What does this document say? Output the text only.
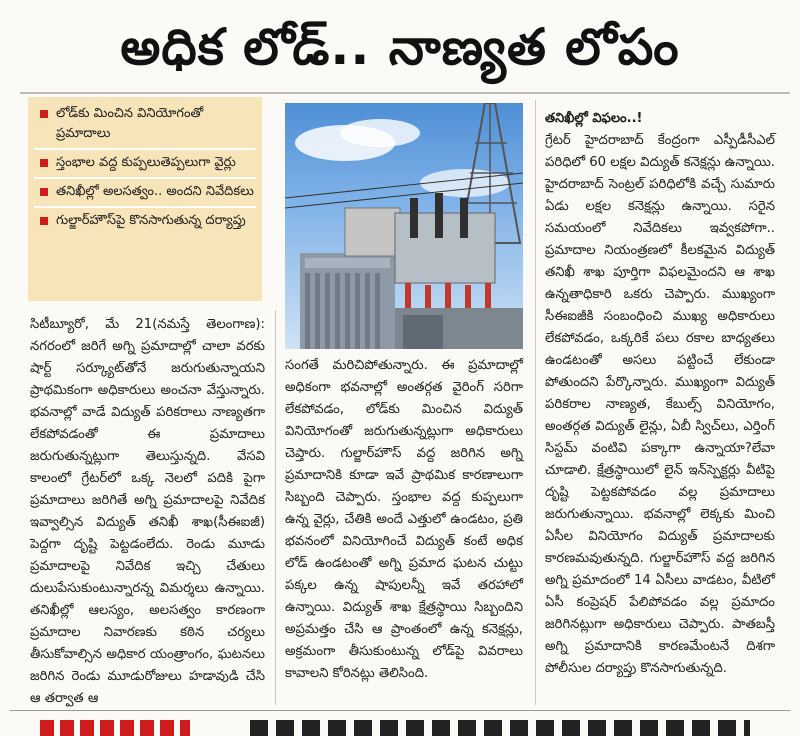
అధిక లోడ్.. నాణ్యత లోపం
లోడ్‌కు మించిన వినియోగంతో ప్రమాదాలు
స్తంభాల వద్ద కుప్పలుతెప్పలుగా వైర్లు
తనిఖీల్లో అలసత్వం.. అందని నివేదికలు
గుల్జార్‌హౌస్‌పై కొనసాగుతున్న దర్యాప్తు

సిటీబ్యూరో, మే 21(నమస్తే తెలంగాణ): నగరంలో జరిగే అగ్ని ప్రమాదాల్లో చాలా వరకు షార్ట్ సర్క్యూట్‌తోనే జరుగుతున్నాయని ప్రాథమికంగా అధికారులు అంచనా వేస్తున్నారు. భవనాల్లో వాడే విద్యుత్ పరికరాలు నాణ్యతగా లేకపోవడంతో ఈ ప్రమాదాలు జరుగుతున్నట్లుగా తెలుస్తున్నది. వేసవి కాలంలో గ్రేటర్‌లో ఒక్క నెలలో పదికి పైగా ప్రమాదాలు జరిగితే అగ్ని ప్రమాదాలపై నివేదిక ఇవ్వాల్సిన విద్యుత్ తనిఖీ శాఖ(సీఈఐజీ) పెద్దగా దృష్టి పెట్టడంలేదు. రెండు మూడు ప్రమాదాలపై నివేదిక ఇచ్చి చేతులు దులుపేసుకుంటున్నారన్న విమర్శలు ఉన్నాయి. తనిఖీల్లో ఆలస్యం, అలసత్వం కారణంగా ప్రమాదాల నివారణకు కఠిన చర్యలు తీసుకోవాల్సిన అధికార యంత్రాంగం, ఘటనలు జరిగిన రెండు మూడురోజులు హడావుడి చేసి ఆ తర్వాత ఆ

సంగతే మరిచిపోతున్నారు. ఈ ప్రమాదాల్లో అధికంగా భవనాల్లో అంతర్గత వైరింగ్ సరిగా లేకపోవడం, లోడ్‌కు మించిన విద్యుత్ వినియోగంతో జరుగుతున్నట్లుగా అధికారులు చెప్తారు. గుల్జార్‌హౌస్ వద్ద జరిగిన అగ్ని ప్రమాదానికి కూడా ఇవే ప్రాథమిక కారణాలుగా సిబ్బంది చెప్పారు. స్తంభాల వద్ద కుప్పలుగా ఉన్న వైర్లు, చేతికి అందే ఎత్తులో ఉండటం, ప్రతి భవనంలో వినియోగించే విద్యుత్ కంటే అధిక లోడ్ ఉండటంతో అగ్ని ప్రమాద ఘటన చుట్టు పక్కల ఉన్న షాపులన్నీ ఇవే తరహాలో ఉన్నాయి. విద్యుత్ శాఖ క్షేత్రస్థాయి సిబ్బందిని అప్రమత్తం చేసి ఆ ప్రాంతంలో ఉన్న కనెక్షన్లు, అక్రమంగా తీసుకుంటున్న లోడ్‌పై వివరాలు కావాలని కోరినట్లు తెలిసింది.

తనిఖీల్లో విఫలం..!

గ్రేటర్ హైదరాబాద్ కేంద్రంగా ఎస్పీడీసీఎల్ పరిధిలో 60 లక్షల విద్యుత్ కనెక్షన్లు ఉన్నాయి. హైదరాబాద్ సెంట్రల్ పరిధిలోకి వచ్చే సుమారు ఏడు లక్షల కనెక్షన్లు ఉన్నాయి. సరైన సమయంలో నివేదికలు ఇవ్వకపోగా.. ప్రమాదాల నియంత్రణలో కీలకమైన విద్యుత్ తనిఖీ శాఖ పూర్తిగా విఫలమైందని ఆ శాఖ ఉన్నతాధికారి ఒకరు చెప్పారు. ముఖ్యంగా సీఈఐజీకి సంబంధించి ముఖ్య అధికారులు లేకపోవడం, ఒక్కరికే పలు రకాల బాధ్యతలు ఉండటంతో అసలు పట్టించే లేకుండా పోతుందని పేర్కొన్నారు. ముఖ్యంగా విద్యుత్ పరికరాల నాణ్యత, కేబుల్స్ వినియోగం, అంతర్గత విద్యుత్ లైన్లు, ఏబీ స్విచ్‌లు, ఎర్తింగ్ సిస్టమ్ వంటివి పక్కాగా ఉన్నాయా?లేవా చూడాలి. క్షేత్రస్థాయిలో లైన్ ఇన్‌స్పెక్టర్లు వీటిపై దృష్టి పెట్టకపోవడం వల్ల ప్రమాదాలు జరుగుతున్నాయి. భవనాల్లో లెక్కకు మించి ఏసీల వినియోగం విద్యుత్ ప్రమాదాలకు కారణమవుతున్నది. గుల్జార్‌హౌస్ వద్ద జరిగిన అగ్ని ప్రమాదంలో 14 ఏసీలు వాడటం, వీటిలో ఏసీ కంప్రెషర్ పేలిపోవడం వల్ల ప్రమాదం జరిగినట్లుగా అధికారులు చెప్పారు. పాతబస్తీ అగ్ని ప్రమాదానికి కారణమేంటనే దిశగా పోలీసుల దర్యాప్తు కొనసాగుతున్నది.
